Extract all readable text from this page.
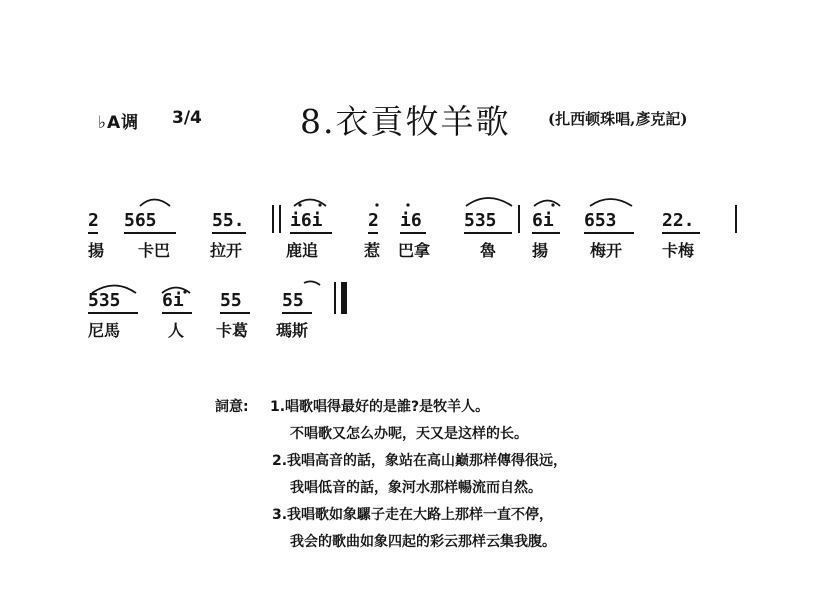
♭A调 3/4	8.衣貢牧羊歌	(扎西顿珠唱,彥克記)
2 565	55.	i6i	2 i6 535 6i 653	22.
揚 卡巴 拉开	鹿追	惹 巴拿	魯 揚	梅开 卡梅
535 6i 55 55
尼馬	人 卡葛 瑪斯
詞意: 1.唱歌唱得最好的是誰?是牧羊人。
不唱歌又怎么办呢，天又是这样的长。
2.我唱高音的話，象站在高山巅那样傳得很远，
我唱低音的話，象河水那样暢流而自然。
3.我唱歌如象騾子走在大路上那样一直不停，
我会的歌曲如象四起的彩云那样云集我腹。
